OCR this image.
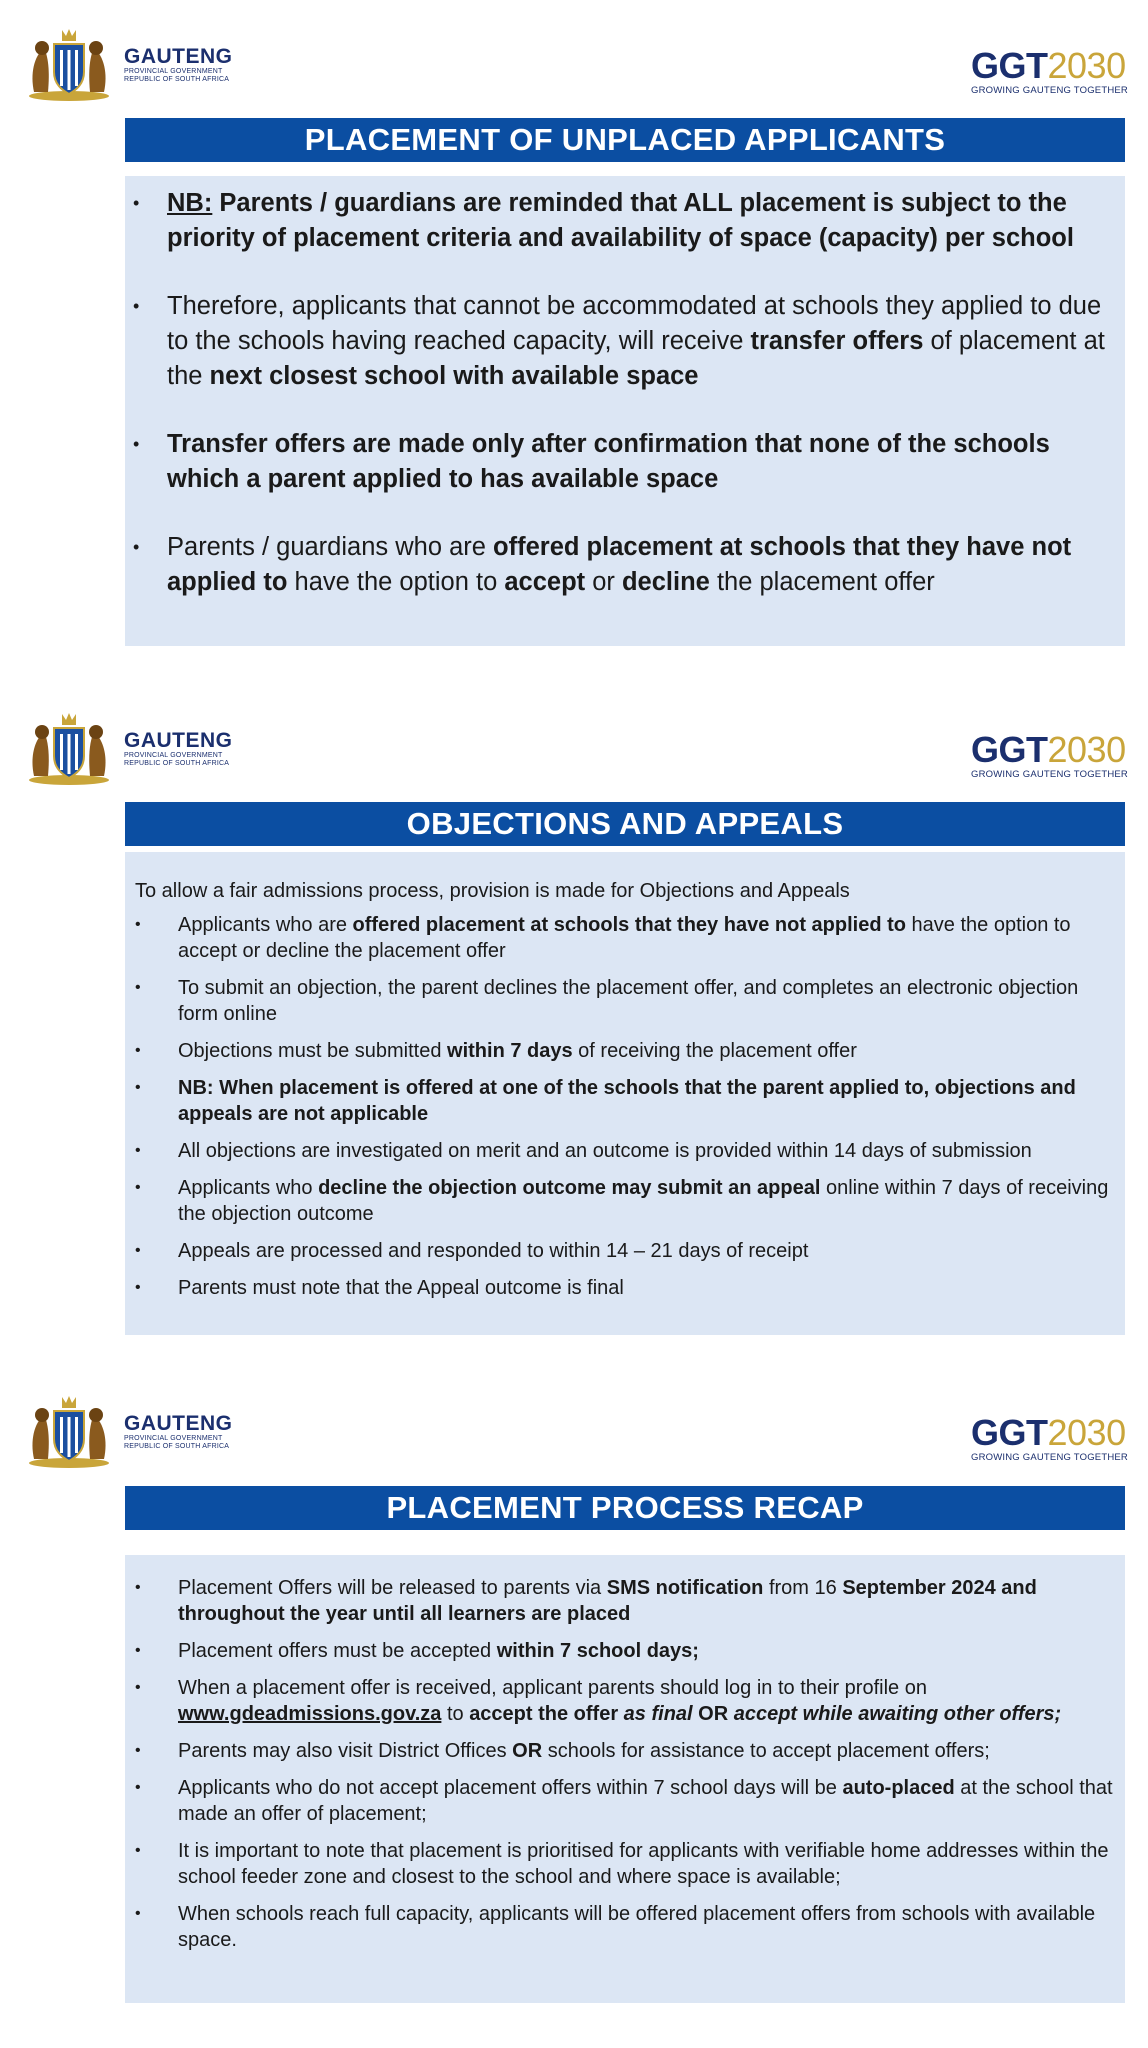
GAUTENG
PROVINCIAL GOVERNMENT
REPUBLIC OF SOUTH AFRICA	GGT2030
GROWING GAUTENG TOGETHER
PLACEMENT OF UNPLACED APPLICANTS
• NB: Parents / guardians are reminded that ALL placement is subject to the priority of placement criteria and availability of space (capacity) per school
• Therefore, applicants that cannot be accommodated at schools they applied to due to the schools having reached capacity, will receive transfer offers of placement at the next closest school with available space
• Transfer offers are made only after confirmation that none of the schools which a parent applied to has available space
• Parents / guardians who are offered placement at schools that they have not applied to have the option to accept or decline the placement offer
GAUTENG
PROVINCIAL GOVERNMENT
REPUBLIC OF SOUTH AFRICA	GGT2030
GROWING GAUTENG TOGETHER
OBJECTIONS AND APPEALS
To allow a fair admissions process, provision is made for Objections and Appeals
• Applicants who are offered placement at schools that they have not applied to have the option to accept or decline the placement offer
• To submit an objection, the parent declines the placement offer, and completes an electronic objection form online
• Objections must be submitted within 7 days of receiving the placement offer
• NB: When placement is offered at one of the schools that the parent applied to, objections and appeals are not applicable
• All objections are investigated on merit and an outcome is provided within 14 days of submission
• Applicants who decline the objection outcome may submit an appeal online within 7 days of receiving the objection outcome
• Appeals are processed and responded to within 14 – 21 days of receipt
• Parents must note that the Appeal outcome is final
GAUTENG
PROVINCIAL GOVERNMENT
REPUBLIC OF SOUTH AFRICA	GGT2030
GROWING GAUTENG TOGETHER
PLACEMENT PROCESS RECAP
• Placement Offers will be released to parents via SMS notification from 16 September 2024 and throughout the year until all learners are placed
• Placement offers must be accepted within 7 school days;
• When a placement offer is received, applicant parents should log in to their profile on www.gdeadmissions.gov.za to accept the offer as final OR accept while awaiting other offers;
• Parents may also visit District Offices OR schools for assistance to accept placement offers;
• Applicants who do not accept placement offers within 7 school days will be auto-placed at the school that made an offer of placement;
• It is important to note that placement is prioritised for applicants with verifiable home addresses within the school feeder zone and closest to the school and where space is available;
• When schools reach full capacity, applicants will be offered placement offers from schools with available space.
